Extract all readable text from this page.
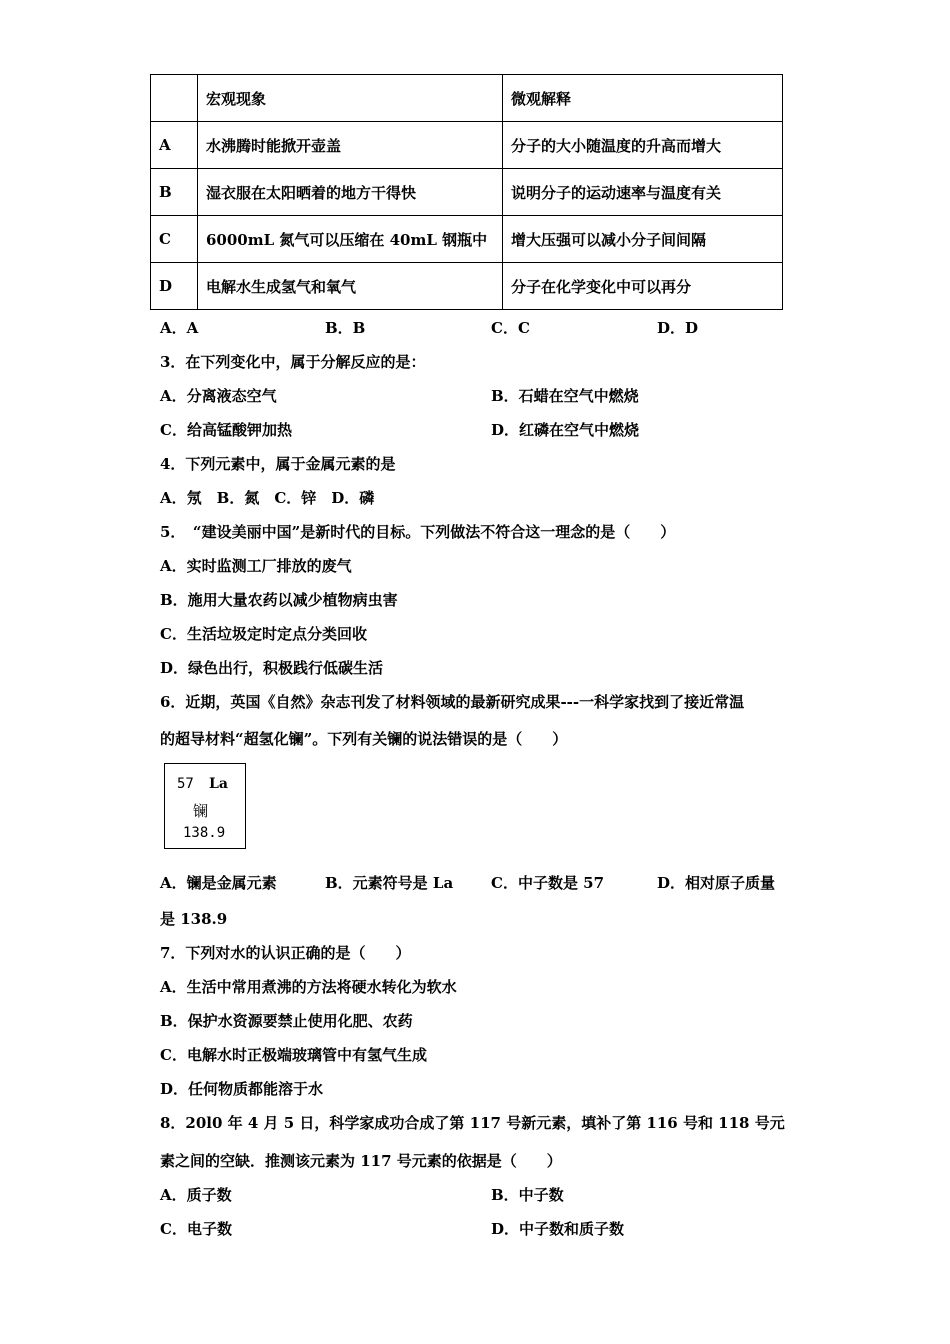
	宏观现象	微观解释
A	水沸腾时能掀开壶盖	分子的大小随温度的升高而增大
B	湿衣服在太阳晒着的地方干得快	说明分子的运动速率与温度有关
C	6000mL 氮气可以压缩在 40mL 钢瓶中	增大压强可以减小分子间间隔
D	电解水生成氢气和氧气	分子在化学变化中可以再分
A．A	B．B	C．C	D．D
3．在下列变化中，属于分解反应的是：
A．分离液态空气	B．石蜡在空气中燃烧
C．给高锰酸钾加热	D．红磷在空气中燃烧
4．下列元素中，属于金属元素的是
A．氖　B．氮　C．锌　D．磷
5．　“建设美丽中国”是新时代的目标。下列做法不符合这一理念的是（　　）
A．实时监测工厂排放的废气
B．施用大量农药以减少植物病虫害
C．生活垃圾定时定点分类回收
D．绿色出行，积极践行低碳生活
6．近期，英国《自然》杂志刊发了材料领域的最新研究成果---一科学家找到了接近常温
的超导材料“超氢化镧”。下列有关镧的说法错误的是（　　）
57 La
镧
138.9
A．镧是金属元素	B．元素符号是 La	C．中子数是 57	D．相对原子质量
是 138.9
7．下列对水的认识正确的是（　　）
A．生活中常用煮沸的方法将硬水转化为软水
B．保护水资源要禁止使用化肥、农药
C．电解水时正极端玻璃管中有氢气生成
D．任何物质都能溶于水
8．20l0 年 4 月 5 日，科学家成功合成了第 117 号新元素，填补了第 116 号和 118 号元
素之间的空缺．推测该元素为 117 号元素的依据是（　　）
A．质子数	B．中子数
C．电子数	D．中子数和质子数
